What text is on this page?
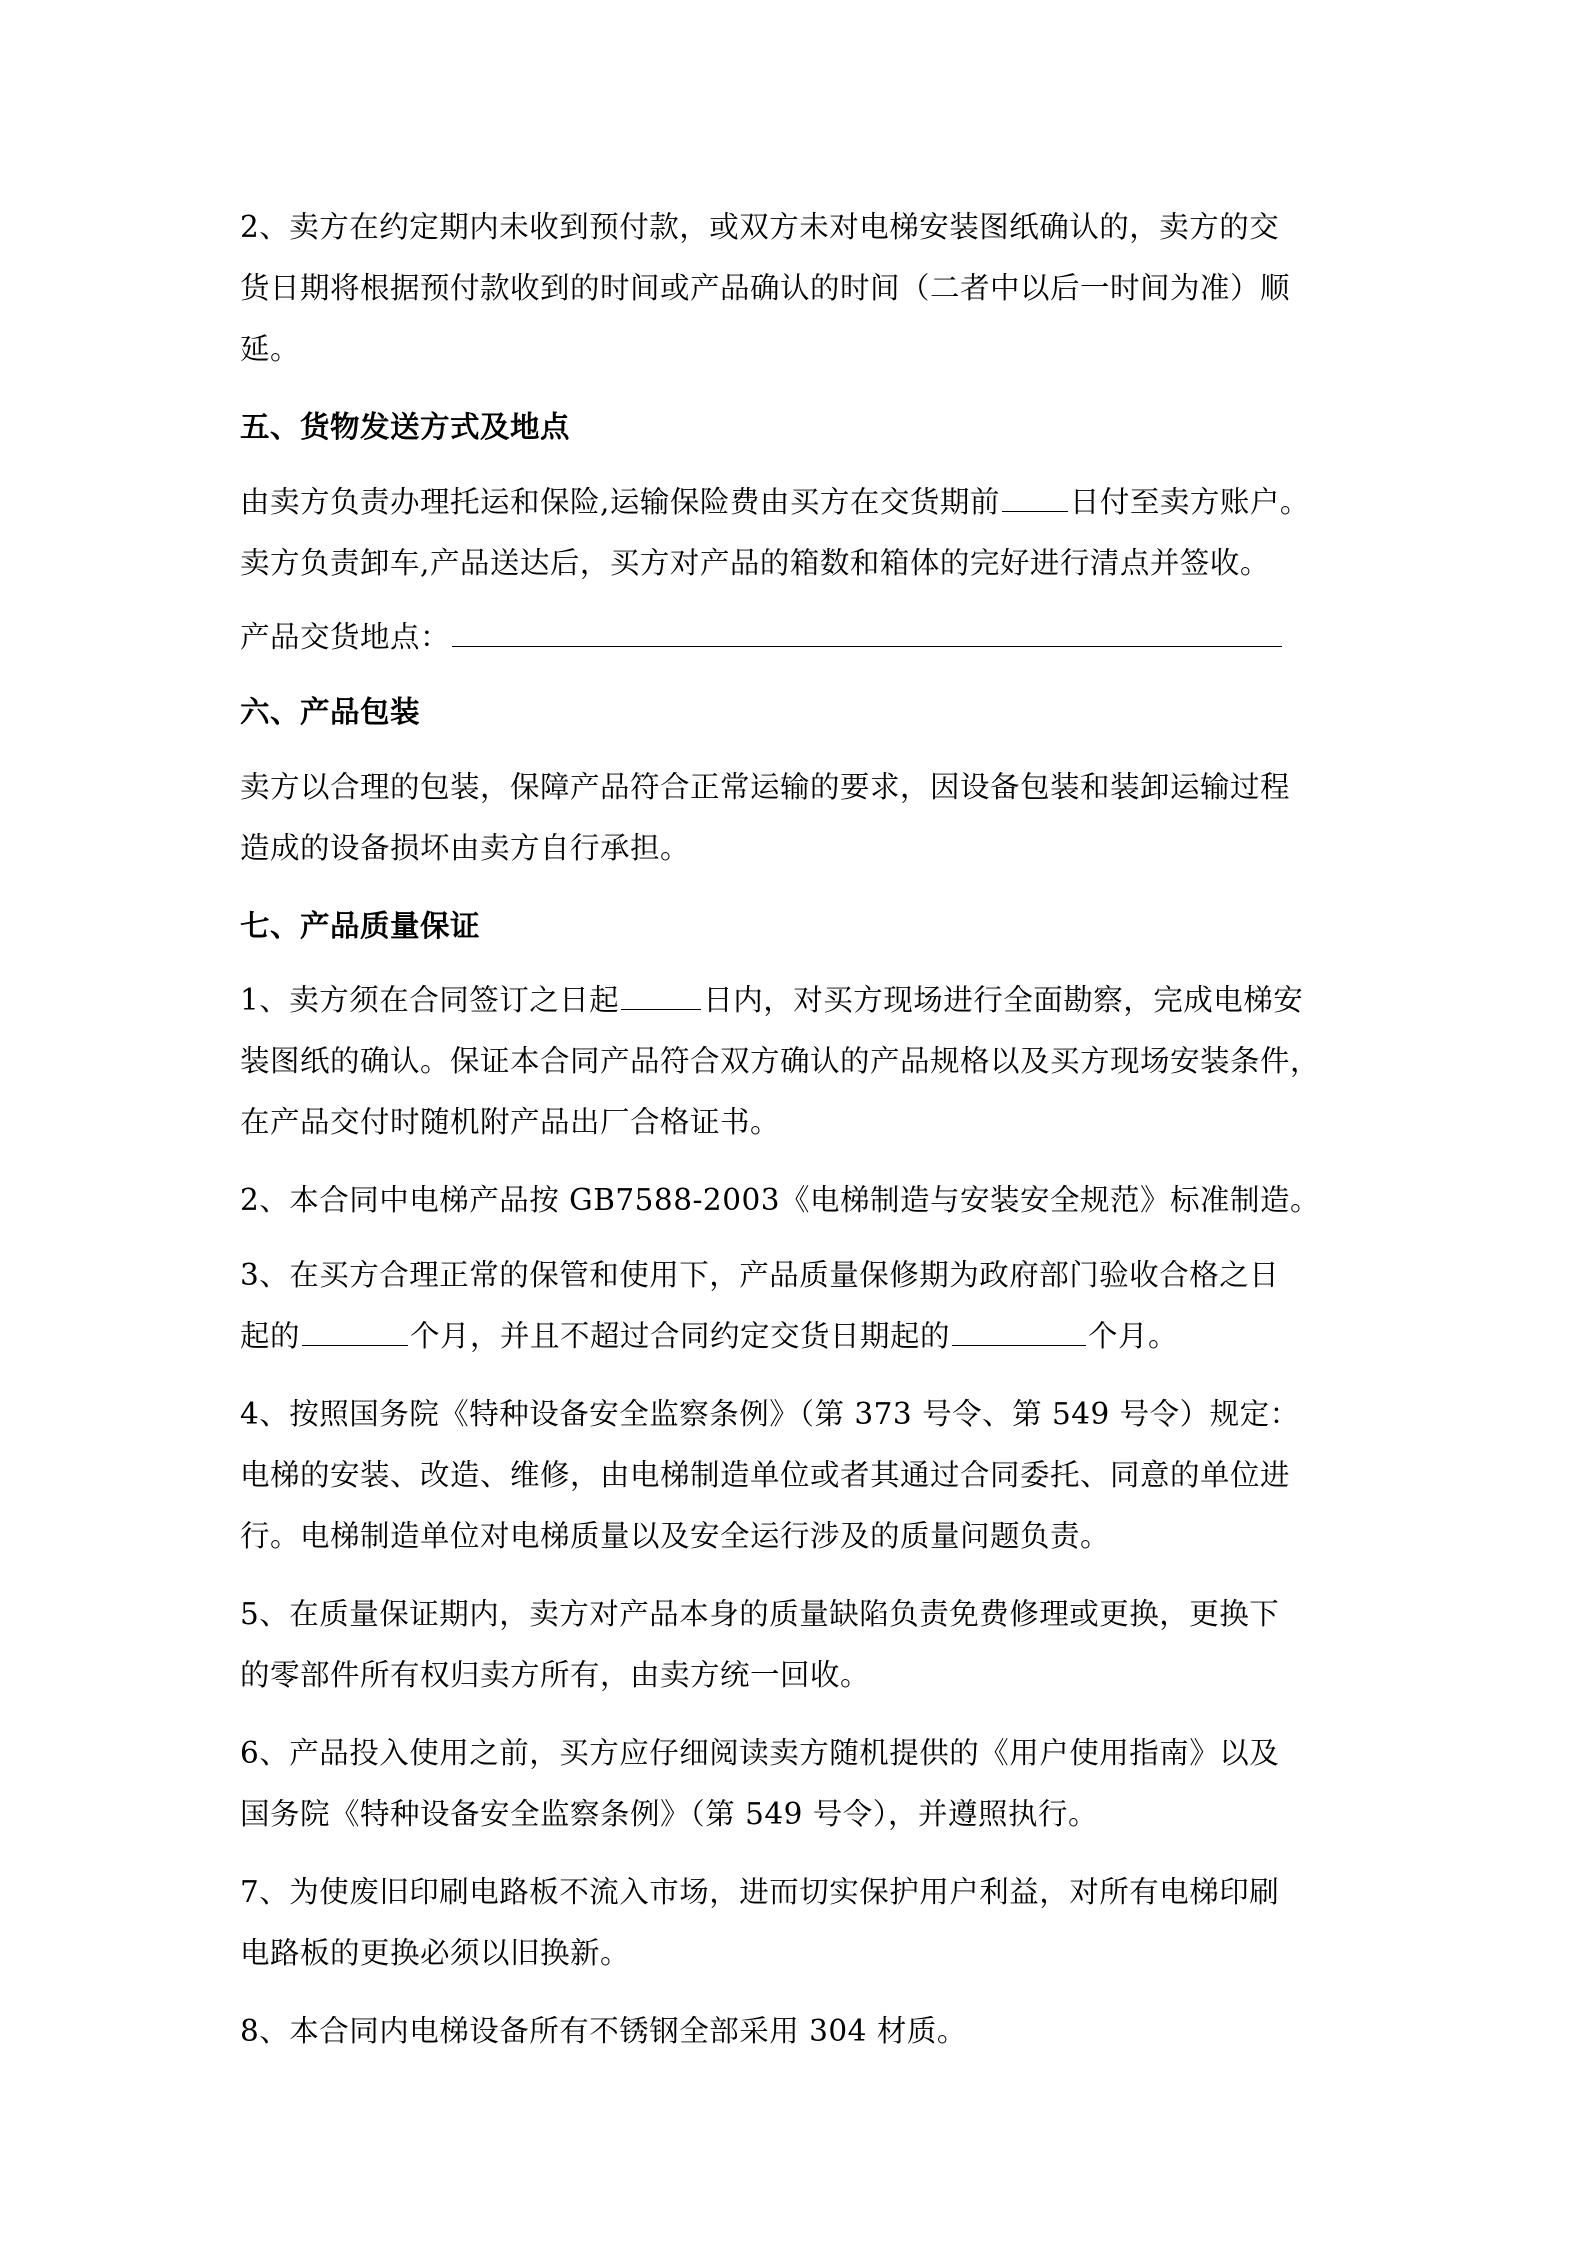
2、卖方在约定期内未收到预付款，或双方未对电梯安装图纸确认的，卖方的交
货日期将根据预付款收到的时间或产品确认的时间（二者中以后一时间为准）顺
延。
五、货物发送方式及地点
由卖方负责办理托运和保险,运输保险费由买方在交货期前 日付至卖方账户。
卖方负责卸车,产品送达后，买方对产品的箱数和箱体的完好进行清点并签收。
产品交货地点：
六、产品包装
卖方以合理的包装，保障产品符合正常运输的要求，因设备包装和装卸运输过程
造成的设备损坏由卖方自行承担。
七、产品质量保证
1、卖方须在合同签订之日起	日内，对买方现场进行全面勘察，完成电梯安
装图纸的确认。保证本合同产品符合双方确认的产品规格以及买方现场安装条件，
在产品交付时随机附产品出厂合格证书。
2、本合同中电梯产品按 GB7588-2003《电梯制造与安装安全规范》标准制造。
3、在买方合理正常的保管和使用下，产品质量保修期为政府部门验收合格之日
起的	个月，并且不超过合同约定交货日期起的	个月。
4、按照国务院《特种设备安全监察条例》（第 373 号令、第 549 号令）规定：
电梯的安装、改造、维修，由电梯制造单位或者其通过合同委托、同意的单位进
行。电梯制造单位对电梯质量以及安全运行涉及的质量问题负责。
5、在质量保证期内，卖方对产品本身的质量缺陷负责免费修理或更换，更换下
的零部件所有权归卖方所有，由卖方统一回收。
6、产品投入使用之前，买方应仔细阅读卖方随机提供的《用户使用指南》以及
国务院《特种设备安全监察条例》（第 549 号令），并遵照执行。
7、为使废旧印刷电路板不流入市场，进而切实保护用户利益，对所有电梯印刷
电路板的更换必须以旧换新。
8、本合同内电梯设备所有不锈钢全部采用 304 材质。
